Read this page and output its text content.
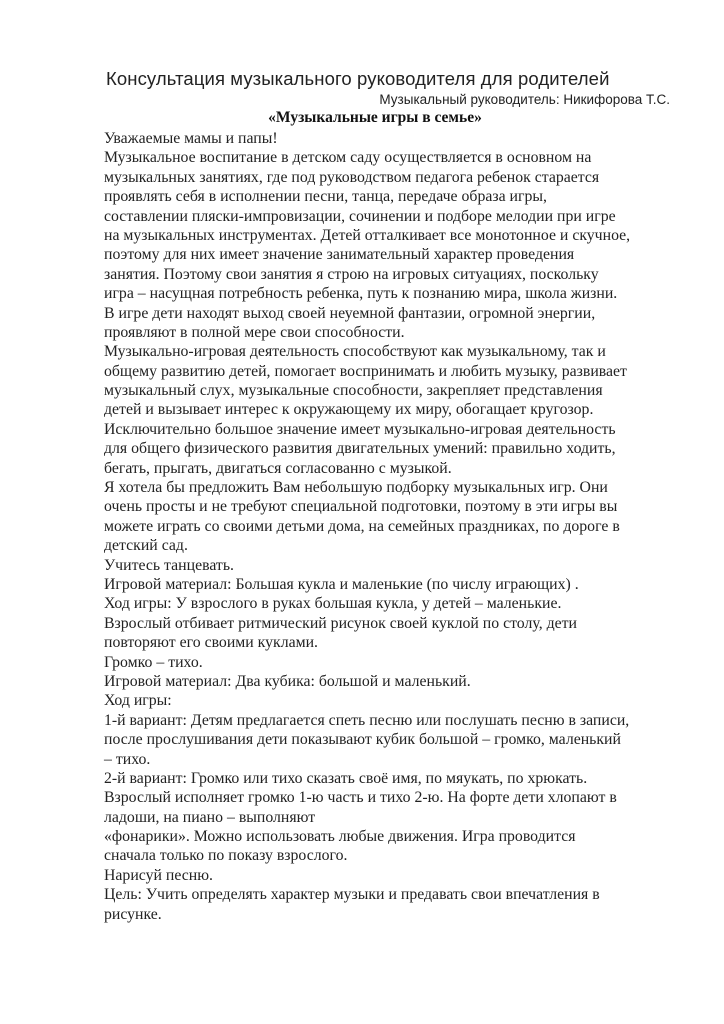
Консультация музыкального руководителя для родителей
Музыкальный руководитель: Никифорова Т.С.
«Музыкальные игры в семье»
Уважаемые мамы и папы!
Музыкальное воспитание в детском саду осуществляется в основном на
музыкальных занятиях, где под руководством педагога ребенок старается
проявлять себя в исполнении песни, танца, передаче образа игры,
составлении пляски-импровизации, сочинении и подборе мелодии при игре
на музыкальных инструментах. Детей отталкивает все монотонное и скучное,
поэтому для них имеет значение занимательный характер проведения
занятия. Поэтому свои занятия я строю на игровых ситуациях, поскольку
игра – насущная потребность ребенка, путь к познанию мира, школа жизни.
В игре дети находят выход своей неуемной фантазии, огромной энергии,
проявляют в полной мере свои способности.
Музыкально-игровая деятельность способствуют как музыкальному, так и
общему развитию детей, помогает воспринимать и любить музыку, развивает
музыкальный слух, музыкальные способности, закрепляет представления
детей и вызывает интерес к окружающему их миру, обогащает кругозор.
Исключительно большое значение имеет музыкально-игровая деятельность
для общего физического развития двигательных умений: правильно ходить,
бегать, прыгать, двигаться согласованно с музыкой.
Я хотела бы предложить Вам небольшую подборку музыкальных игр. Они
очень просты и не требуют специальной подготовки, поэтому в эти игры вы
можете играть со своими детьми дома, на семейных праздниках, по дороге в
детский сад.
Учитесь танцевать.
Игровой материал: Большая кукла и маленькие (по числу играющих) .
Ход игры: У взрослого в руках большая кукла, у детей – маленькие.
Взрослый отбивает ритмический рисунок своей куклой по столу, дети
повторяют его своими куклами.
Громко – тихо.
Игровой материал: Два кубика: большой и маленький.
Ход игры:
1-й вариант: Детям предлагается спеть песню или послушать песню в записи,
после прослушивания дети показывают кубик большой – громко, маленький
– тихо.
2-й вариант: Громко или тихо сказать своё имя, по мяукать, по хрюкать.
Взрослый исполняет громко 1-ю часть и тихо 2-ю. На форте дети хлопают в
ладоши, на пиано – выполняют
«фонарики». Можно использовать любые движения. Игра проводится
сначала только по показу взрослого.
Нарисуй песню.
Цель: Учить определять характер музыки и предавать свои впечатления в
рисунке.
